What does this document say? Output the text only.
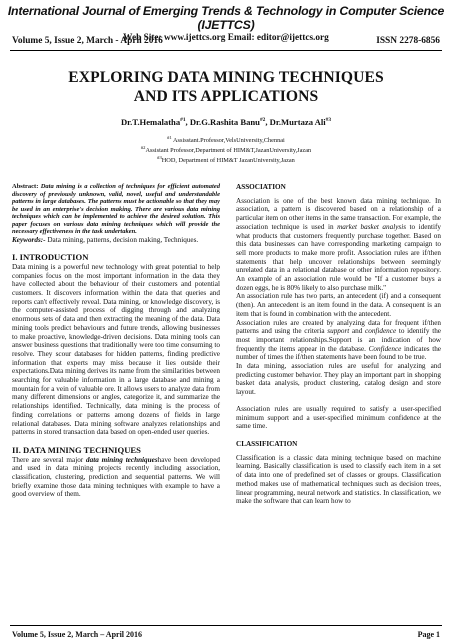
International Journal of Emerging Trends & Technology in Computer Science (IJETTCS)
Web Site: www.ijettcs.org Email: editor@ijettcs.org
Volume 5, Issue 2, March - April 2016	ISSN 2278-6856
EXPLORING DATA MINING TECHNIQUES
AND ITS APPLICATIONS
Dr.T.Hemalatha$^{\#1}$, Dr.G.Rashita Banu$^{\#2}$, Dr.Murtaza Ali$^{\#3}$
$^{\#1}$ Assisstant.Professor,VelsUniversity,Chennai
$^{\#2}$Assistant Professor,Department of HIM&T,JazanUniversity,Jazan
$^{\#3}$HOD, Department of HIM&T JazanUniversity,Jazan

Abstract: Data mining is a collection of techniques for efficient automated discovery of previously unknown, valid, novel, useful and understandable patterns in large databases. The patterns must be actionable so that they may be used in an enterprise's decision making. There are various data mining techniques which can be implemented to achieve the desired solution. This paper focuses on various data mining techniques which will provide the necessary effectiveness in the task undertaken.

Keywords:- Data mining, patterns, decision making, Techniques.

I. INTRODUCTION

Data mining is a powerful new technology with great potential to help companies focus on the most important information in the data they have collected about the behaviour of their customers and potential customers. It discovers information within the data that queries and reports can't effectively reveal. Data mining, or knowledge discovery, is the computer-assisted process of digging through and analyzing enormous sets of data and then extracting the meaning of the data. Data mining tools predict behaviours and future trends, allowing businesses to make proactive, knowledge-driven decisions. Data mining tools can answer business questions that traditionally were too time consuming to resolve. They scour databases for hidden patterns, finding predictive information that experts may miss because it lies outside their expectations.Data mining derives its name from the similarities between searching for valuable information in a large database and mining a mountain for a vein of valuable ore. It allows users to analyze data from many different dimensions or angles, categorize it, and summarize the relationships identified. Technically, data mining is the process of finding correlations or patterns among dozens of fields in large relational databases. Data mining software analyzes relationships and patterns in stored transaction data based on open-ended user queries.

II. DATA MINING TECHNIQUES

There are several major data mining techniqueshave been developed and used in data mining projects recently including association, classification, clustering, prediction and sequential patterns. We will briefly examine those data mining techniques with example to have a good overview of them.

ASSOCIATION

Association is one of the best known data mining technique. In association, a pattern is discovered based on a relationship of a particular item on other items in the same transaction. For example, the association technique is used in market basket analysis to identify what products that customers frequently purchase together. Based on this data businesses can have corresponding marketing campaign to sell more products to make more profit. Association rules are if/then statements that help uncover relationships between seemingly unrelated data in a relational database or other information repository. An example of an association rule would be "If a customer buys a dozen eggs, he is 80% likely to also purchase milk."

An association rule has two parts, an antecedent (if) and a consequent (then). An antecedent is an item found in the data. A consequent is an item that is found in combination with the antecedent.

Association rules are created by analyzing data for frequent if/then patterns and using the criteria support and confidence to identify the most important relationships.Support is an indication of how frequently the items appear in the database. Confidence indicates the number of times the if/then statements have been found to be true.

In data mining, association rules are useful for analyzing and predicting customer behavior. They play an important part in shopping basket data analysis, product clustering, catalog design and store layout.

Association rules are usually required to satisfy a user-specified minimum support and a user-specified minimum confidence at the same time.

CLASSIFICATION

Classification is a classic data mining technique based on machine learning. Basically classification is used to classify each item in a set of data into one of predefined set of classes or groups. Classification method makes use of mathematical techniques such as decision trees, linear programming, neural network and statistics. In classification, we make the software that can learn how to

Volume 5, Issue 2, March – April 2016	Page 1
